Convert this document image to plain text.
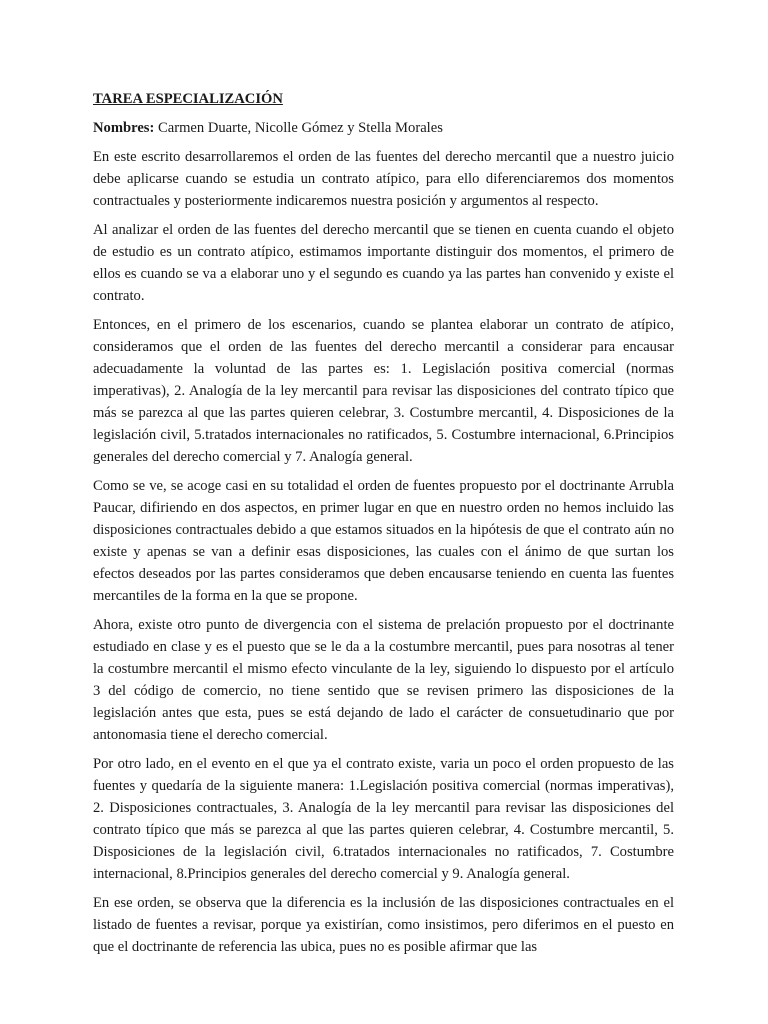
TAREA ESPECIALIZACIÓN
Nombres: Carmen Duarte, Nicolle Gómez y Stella Morales

En este escrito desarrollaremos el orden de las fuentes del derecho mercantil que a nuestro juicio debe aplicarse cuando se estudia un contrato atípico, para ello diferenciaremos dos momentos contractuales y posteriormente indicaremos nuestra posición y argumentos al respecto.

Al analizar el orden de las fuentes del derecho mercantil que se tienen en cuenta cuando el objeto de estudio es un contrato atípico, estimamos importante distinguir dos momentos, el primero de ellos es cuando se va a elaborar uno y el segundo es cuando ya las partes han convenido y existe el contrato.

Entonces, en el primero de los escenarios, cuando se plantea elaborar un contrato de atípico, consideramos que el orden de las fuentes del derecho mercantil a considerar para encausar adecuadamente la voluntad de las partes es: 1. Legislación positiva comercial (normas imperativas), 2. Analogía de la ley mercantil para revisar las disposiciones del contrato típico que más se parezca al que las partes quieren celebrar, 3. Costumbre mercantil, 4. Disposiciones de la legislación civil, 5.tratados internacionales no ratificados, 5. Costumbre internacional, 6.Principios generales del derecho comercial y 7. Analogía general.

Como se ve, se acoge casi en su totalidad el orden de fuentes propuesto por el doctrinante Arrubla Paucar, difiriendo en dos aspectos, en primer lugar en que en nuestro orden no hemos incluido las disposiciones contractuales debido a que estamos situados en la hipótesis de que el contrato aún no existe y apenas se van a definir esas disposiciones, las cuales con el ánimo de que surtan los efectos deseados por las partes consideramos que deben encausarse teniendo en cuenta las fuentes mercantiles de la forma en la que se propone.

Ahora, existe otro punto de divergencia con el sistema de prelación propuesto por el doctrinante estudiado en clase y es el puesto que se le da a la costumbre mercantil, pues para nosotras al tener la costumbre mercantil el mismo efecto vinculante de la ley, siguiendo lo dispuesto por el artículo 3 del código de comercio, no tiene sentido que se revisen primero las disposiciones de la legislación antes que esta, pues se está dejando de lado el carácter de consuetudinario que por antonomasia tiene el derecho comercial.

Por otro lado, en el evento en el que ya el contrato existe, varia un poco el orden propuesto de las fuentes y quedaría de la siguiente manera: 1.Legislación positiva comercial (normas imperativas), 2. Disposiciones contractuales, 3. Analogía de la ley mercantil para revisar las disposiciones del contrato típico que más se parezca al que las partes quieren celebrar, 4. Costumbre mercantil, 5. Disposiciones de la legislación civil, 6.tratados internacionales no ratificados, 7. Costumbre internacional, 8.Principios generales del derecho comercial y 9. Analogía general.

En ese orden, se observa que la diferencia es la inclusión de las disposiciones contractuales en el listado de fuentes a revisar, porque ya existirían, como insistimos, pero diferimos en el puesto en que el doctrinante de referencia las ubica, pues no es posible afirmar que las
